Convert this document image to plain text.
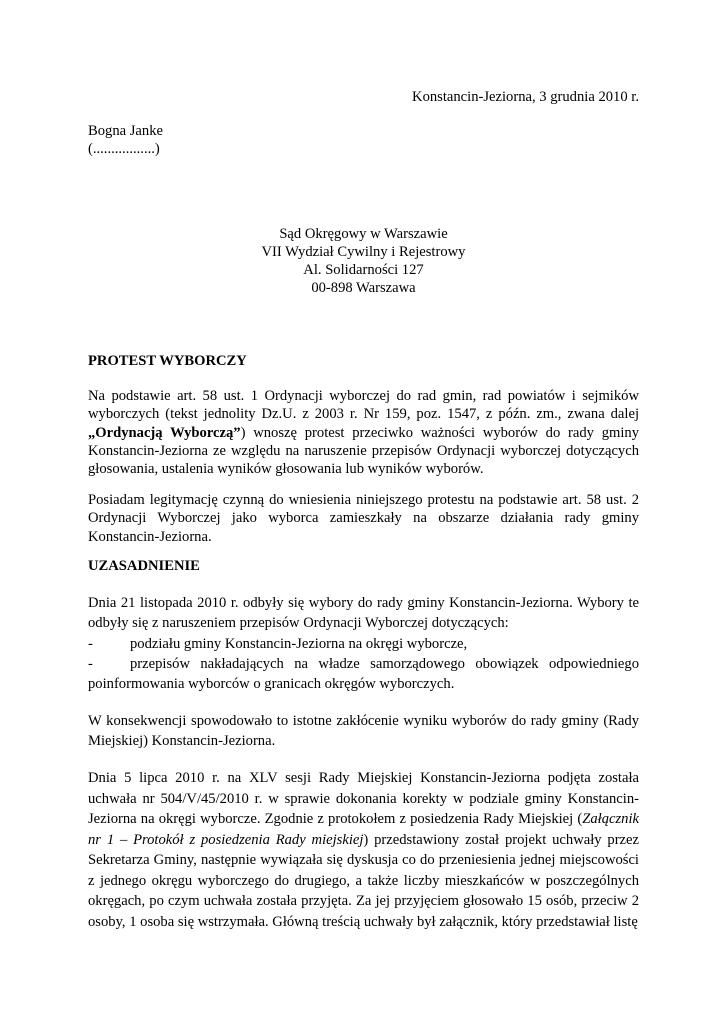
Konstancin-Jeziorna, 3 grudnia 2010 r.
Bogna Janke
(.................)
Sąd Okręgowy w Warszawie
VII Wydział Cywilny i Rejestrowy
Al. Solidarności 127
00-898 Warszawa
PROTEST WYBORCZY
Na podstawie art. 58 ust. 1 Ordynacji wyborczej do rad gmin, rad powiatów i sejmików wyborczych (tekst jednolity Dz.U. z 2003 r. Nr 159, poz. 1547, z późn. zm., zwana dalej „Ordynacją Wyborczą”) wnoszę protest przeciwko ważności wyborów do rady gminy Konstancin-Jeziorna ze względu na naruszenie przepisów Ordynacji wyborczej dotyczących głosowania, ustalenia wyników głosowania lub wyników wyborów.
Posiadam legitymację czynną do wniesienia niniejszego protestu na podstawie art. 58 ust. 2 Ordynacji Wyborczej jako wyborca zamieszkały na obszarze działania rady gminy Konstancin-Jeziorna.
UZASADNIENIE
Dnia 21 listopada 2010 r. odbyły się wybory do rady gminy Konstancin-Jeziorna. Wybory te odbyły się z naruszeniem przepisów Ordynacji Wyborczej dotyczących:
-	podziału gminy Konstancin-Jeziorna na okręgi wyborcze,
-	przepisów nakładających na władze samorządowego obowiązek odpowiedniego
poinformowania wyborców o granicach okręgów wyborczych.
W konsekwencji spowodowało to istotne zakłócenie wyniku wyborów do rady gminy (Rady Miejskiej) Konstancin-Jeziorna.
Dnia 5 lipca 2010 r. na XLV sesji Rady Miejskiej Konstancin-Jeziorna podjęta została uchwała nr 504/V/45/2010 r. w sprawie dokonania korekty w podziale gminy Konstancin-Jeziorna na okręgi wyborcze. Zgodnie z protokołem z posiedzenia Rady Miejskiej (Załącznik nr 1 – Protokół z posiedzenia Rady miejskiej) przedstawiony został projekt uchwały przez Sekretarza Gminy, następnie wywiązała się dyskusja co do przeniesienia jednej miejscowości z jednego okręgu wyborczego do drugiego, a także liczby mieszkańców w poszczególnych okręgach, po czym uchwała została przyjęta. Za jej przyjęciem głosowało 15 osób, przeciw 2 osoby, 1 osoba się wstrzymała. Główną treścią uchwały był załącznik, który przedstawiał listę
